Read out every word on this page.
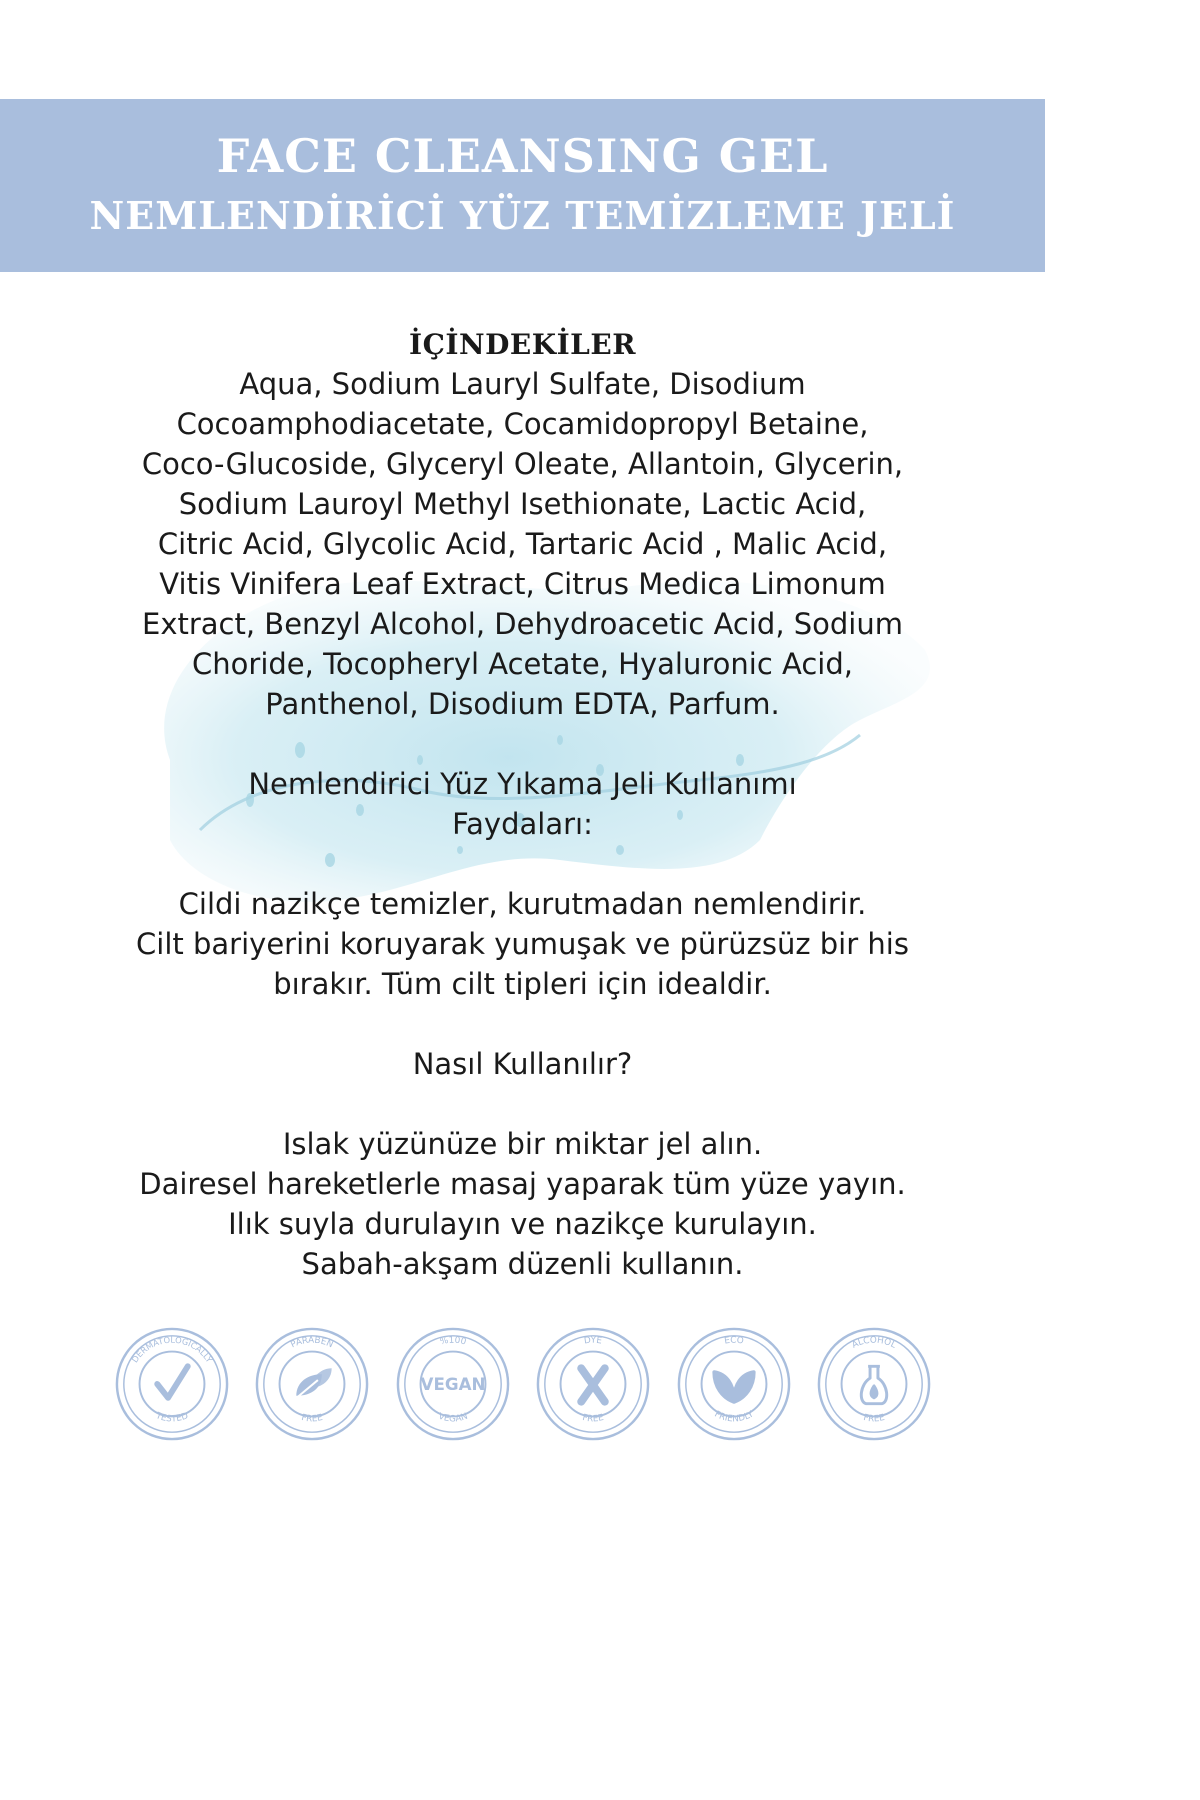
FACE CLEANSING GEL
NEMLENDİRİCİ YÜZ TEMİZLEME JELİ

İÇİNDEKİLER

Aqua, Sodium Lauryl Sulfate, Disodium

Cocoamphodiacetate, Cocamidopropyl Betaine,

Coco-Glucoside, Glyceryl Oleate, Allantoin, Glycerin,

Sodium Lauroyl Methyl Isethionate, Lactic Acid,

Citric Acid, Glycolic Acid, Tartaric Acid , Malic Acid,

Vitis Vinifera Leaf Extract, Citrus Medica Limonum

Extract, Benzyl Alcohol, Dehydroacetic Acid, Sodium

Choride, Tocopheryl Acetate, Hyaluronic Acid,

Panthenol, Disodium EDTA, Parfum.

Nemlendirici Yüz Yıkama Jeli Kullanımı

Faydaları:

Cildi nazikçe temizler, kurutmadan nemlendirir.

Cilt bariyerini koruyarak yumuşak ve pürüzsüz bir his

bırakır. Tüm cilt tipleri için idealdir.

Nasıl Kullanılır?

Islak yüzünüze bir miktar jel alın.

Dairesel hareketlerle masaj yaparak tüm yüze yayın.

Ilık suyla durulayın ve nazikçe kurulayın.

Sabah-akşam düzenli kullanın.

DERMATOLOGICALLY
TESTED
PARABEN
FREE
%100
VEGAN
VEGAN
DYE
FREE
ECO
FRIENDLY
ALCOHOL
FREE
